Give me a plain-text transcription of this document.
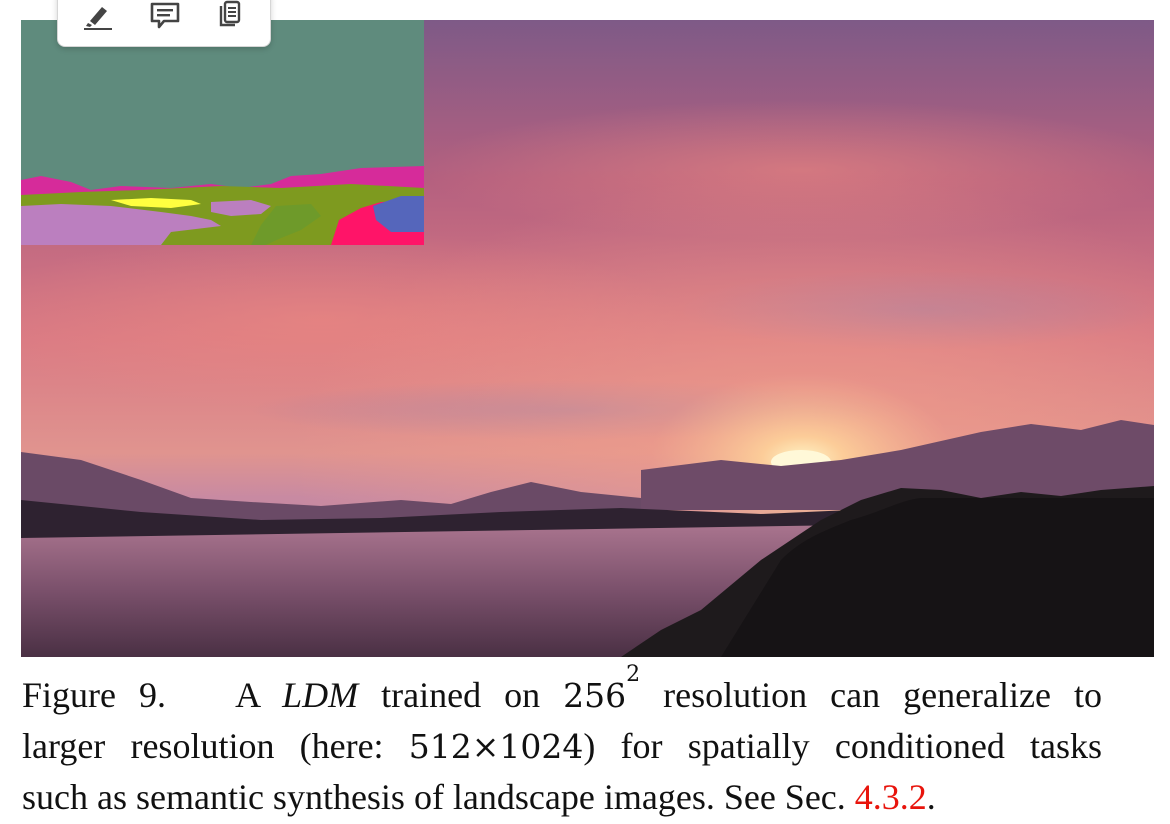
Figure 9. A LDM trained on $256^2$ resolution can generalize to
larger resolution (here: 512×1024) for spatially conditioned tasks
such as semantic synthesis of landscape images. See Sec. 4.3.2.
